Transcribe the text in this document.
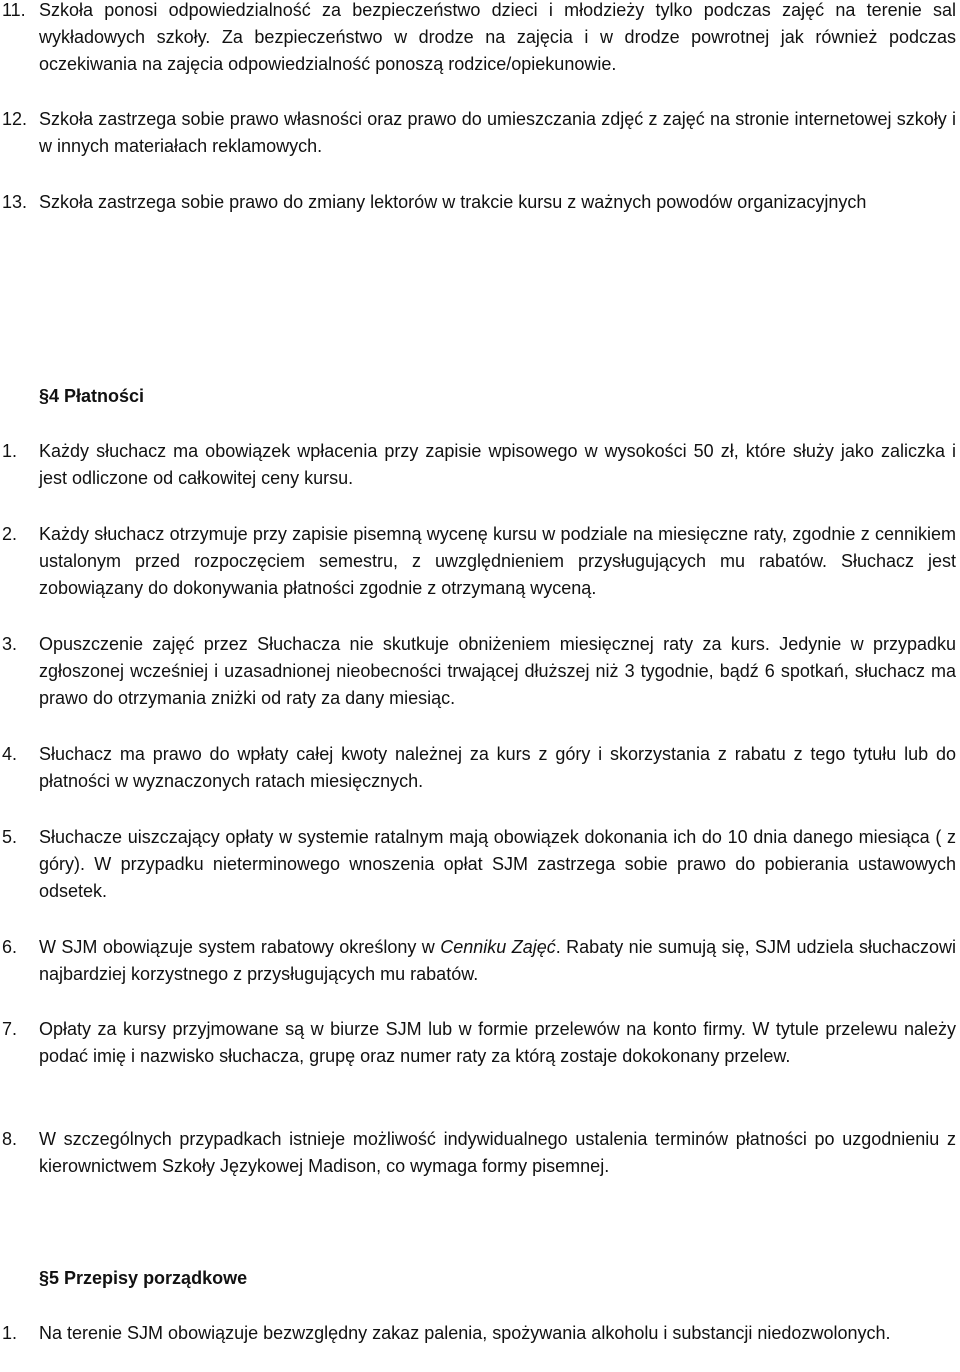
11. Szkoła ponosi odpowiedzialność za bezpieczeństwo dzieci i młodzieży tylko podczas zajęć na terenie sal wykładowych szkoły. Za bezpieczeństwo w drodze na zajęcia i w drodze powrotnej jak również podczas oczekiwania na zajęcia odpowiedzialność ponoszą rodzice/opiekunowie.
12. Szkoła zastrzega sobie prawo własności oraz prawo do umieszczania zdjęć z zajęć na stronie internetowej szkoły i w innych materiałach reklamowych.
13. Szkoła zastrzega sobie prawo do zmiany lektorów w trakcie kursu z ważnych powodów organizacyjnych
§4 Płatności
1. Każdy słuchacz ma obowiązek wpłacenia przy zapisie wpisowego w wysokości 50 zł, które służy jako zaliczka i jest odliczone od całkowitej ceny kursu.
2. Każdy słuchacz otrzymuje przy zapisie pisemną wycenę kursu w podziale na miesięczne raty, zgodnie z cennikiem ustalonym przed rozpoczęciem semestru, z uwzględnieniem przysługujących mu rabatów. Słuchacz jest zobowiązany do dokonywania płatności zgodnie z otrzymaną wyceną.
3. Opuszczenie zajęć przez Słuchacza nie skutkuje obniżeniem miesięcznej raty za kurs. Jedynie w przypadku zgłoszonej wcześniej i uzasadnionej nieobecności trwającej dłuższej niż 3 tygodnie, bądź 6 spotkań, słuchacz ma prawo do otrzymania zniżki od raty za dany miesiąc.
4. Słuchacz ma prawo do wpłaty całej kwoty należnej za kurs z góry i skorzystania z rabatu z tego tytułu lub do płatności w wyznaczonych ratach miesięcznych.
5. Słuchacze uiszczający opłaty w systemie ratalnym mają obowiązek dokonania ich do 10 dnia danego miesiąca ( z góry). W przypadku nieterminowego wnoszenia opłat SJM zastrzega sobie prawo do pobierania ustawowych odsetek.
6. W SJM obowiązuje system rabatowy określony w Cenniku Zajęć. Rabaty nie sumują się, SJM udziela słuchaczowi najbardziej korzystnego z przysługujących mu rabatów.
7. Opłaty za kursy przyjmowane są w biurze SJM lub w formie przelewów na konto firmy. W tytule przelewu należy podać imię i nazwisko słuchacza, grupę oraz numer raty za którą zostaje dokokonany przelew.
8. W szczególnych przypadkach istnieje możliwość indywidualnego ustalenia terminów płatności po uzgodnieniu z kierownictwem Szkoły Językowej Madison, co wymaga formy pisemnej.
§5 Przepisy porządkowe
1. Na terenie SJM obowiązuje bezwzględny zakaz palenia, spożywania alkoholu i substancji niedozwolonych.
